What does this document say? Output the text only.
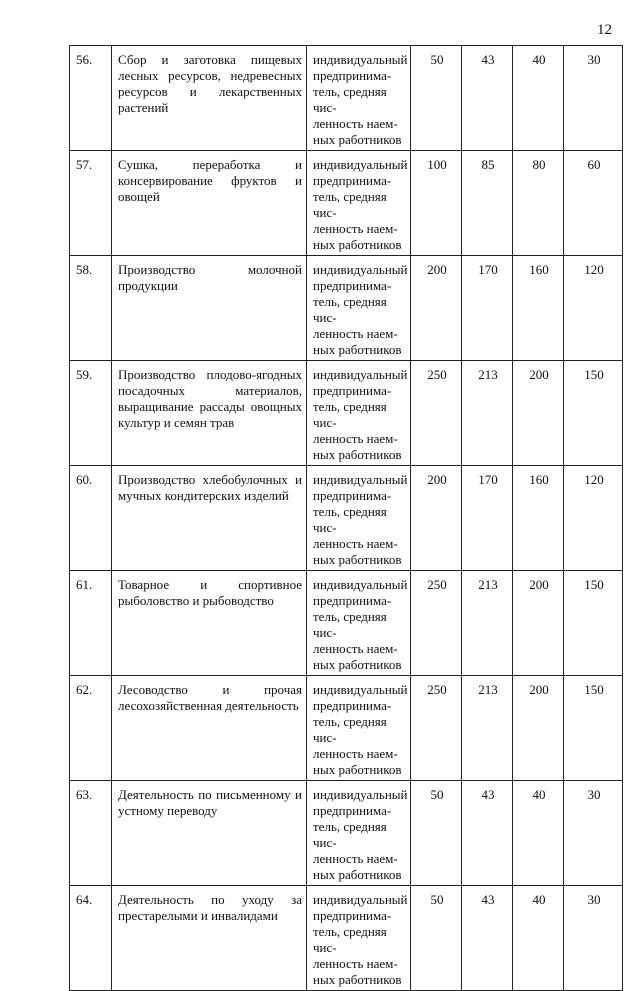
12
56.	Сбор и заготовка пищевых лесных ресурсов, недревесных ресурсов и лекарственных растений	индивидуальный
предпринима-
тель, средняя чис-
ленность наем-
ных работников	50	43	40	30
57.	Сушка, переработка и консервирование фруктов и овощей	индивидуальный
предпринима-
тель, средняя чис-
ленность наем-
ных работников	100	85	80	60
58.	Производство молочной продукции	индивидуальный
предпринима-
тель, средняя чис-
ленность наем-
ных работников	200	170	160	120
59.	Производство плодово-ягодных посадочных материалов, выращивание рассады овощных культур и семян трав	индивидуальный
предпринима-
тель, средняя чис-
ленность наем-
ных работников	250	213	200	150
60.	Производство хлебобулочных и мучных кондитерских изделий	индивидуальный
предпринима-
тель, средняя чис-
ленность наем-
ных работников	200	170	160	120
61.	Товарное и спортивное рыболовство и рыбоводство	индивидуальный
предпринима-
тель, средняя чис-
ленность наем-
ных работников	250	213	200	150
62.	Лесоводство и прочая лесохозяйственная деятельность	индивидуальный
предпринима-
тель, средняя чис-
ленность наем-
ных работников	250	213	200	150
63.	Деятельность по письменному и устному переводу	индивидуальный
предпринима-
тель, средняя чис-
ленность наем-
ных работников	50	43	40	30
64.	Деятельность по уходу за престарелыми и инвалидами	индивидуальный
предпринима-
тель, средняя чис-
ленность наем-
ных работников	50	43	40	30
